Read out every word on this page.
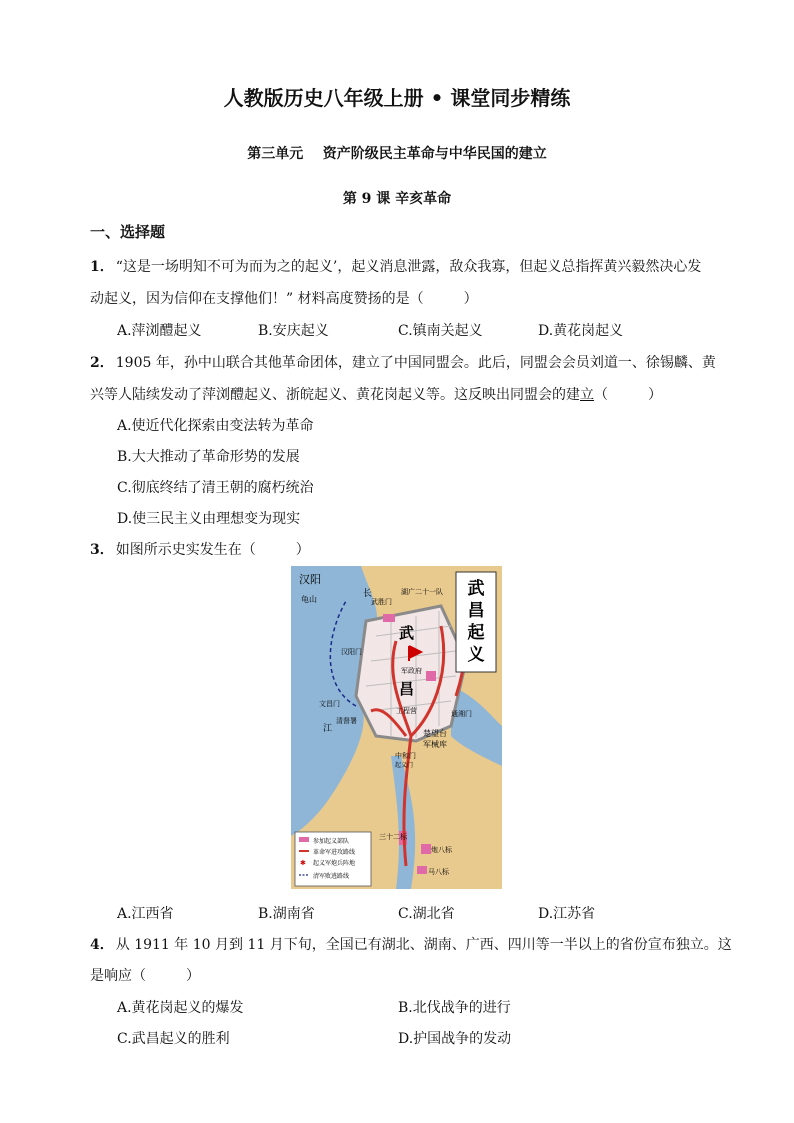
人教版历史八年级上册 • 课堂同步精练
第三单元    资产阶级民主革命与中华民国的建立
第 9 课 辛亥革命
一、选择题
1． “这是一场明知不可为而为之的起义’，起义消息泄露，敌众我寡，但起义总指挥黄兴毅然决心发
动起义，因为信仰在支撑他们！” 材料高度赞扬的是（	）
A.萍浏醴起义	B.安庆起义	C.镇南关起义	D.黄花岗起义
2． 1905 年，孙中山联合其他革命团体，建立了中国同盟会。此后，同盟会会员刘道一、徐锡麟、黄
兴等人陆续发动了萍浏醴起义、浙皖起义、黄花岗起义等。这反映出同盟会的建立（	）
A.使近代化探索由变法转为革命
B.大大推动了革命形势的发展
C.彻底终结了清王朝的腐朽统治
D.使三民主义由理想变为现实
3． 如图所示史实发生在（	）
武
昌
起
义
汉阳
龟山
长
江
武胜门
湖广二十一队
武
昌
汉阳门
军政府
文昌门
清督署
工程营	通湘门
楚望台
军械库
中和门
起义门
三十二标
炮八标
马八标
参加起义部队
革命军进攻路线
✱ 起义军炮兵阵地
清军败逃路线
A.江西省	B.湖南省	C.湖北省	D.江苏省
4． 从 1911 年 10 月到 11 月下旬，全国已有湖北、湖南、广西、四川等一半以上的省份宣布独立。这
是响应（	）
A.黄花岗起义的爆发	B.北伐战争的进行
C.武昌起义的胜利	D.护国战争的发动
